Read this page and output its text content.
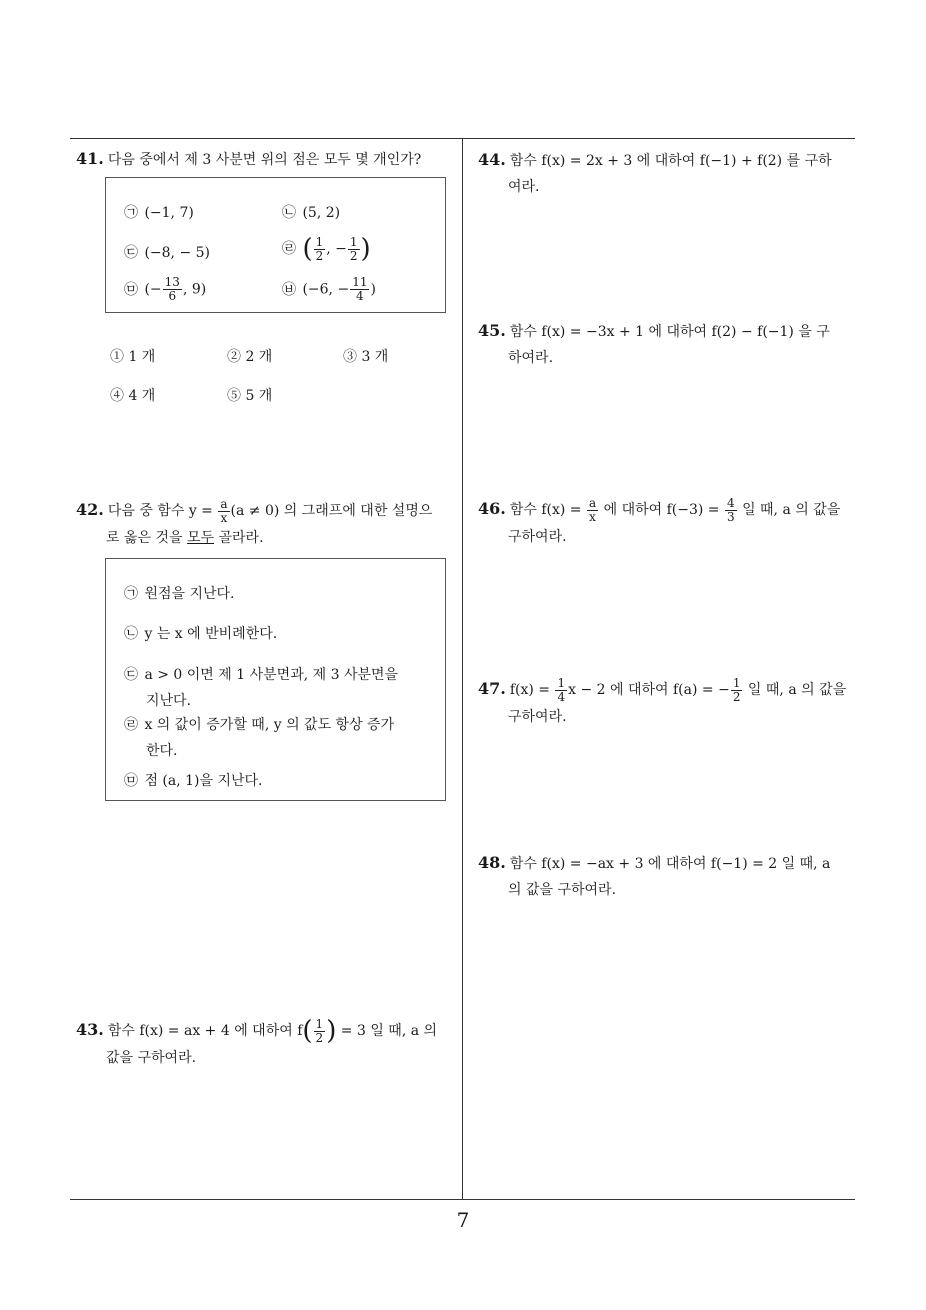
41. 다음 중에서 제 3 사분면 위의 점은 모두 몇 개인가?
㉠ (−1, 7)	㉡ (5, 2)
㉢ (−8, − 5)	㉣ ( $\frac{1}{2}$ , − $\frac{1}{2}$ )
㉤ (− $\frac{13}{6}$ , 9)	㉥ (−6, − $\frac{11}{4}$ )
① 1 개	② 2 개	③ 3 개
④ 4 개	⑤ 5 개
42. 다음 중 함수 $y = \frac{a}{x} (a \ne 0)$ 의 그래프에 대한 설명으
로 옳은 것을 모두 골라라.
㉠ 원점을 지난다.
㉡ y 는 x 에 반비례한다.
㉢ a > 0 이면 제 1 사분면과, 제 3 사분면을
지난다.
㉣ x 의 값이 증가할 때, y 의 값도 항상 증가
한다.
㉤ 점 (a, 1)을 지난다.
43. 함수 f(x) = ax + 4 에 대하여 $f( \frac{1}{2}$ ) = 3 일 때, a 의
값을 구하여라.
44. 함수 f(x) = 2x + 3 에 대하여 f(−1) + f(2) 를 구하
여라.
45. 함수 f(x) = −3x + 1 에 대하여 f(2) − f(−1) 을 구
하여라.
46. 함수 $f(x) = \frac{a}{x}$ 에 대하여 $f(-3) = \frac{4}{3}$ 일 때, a 의 값을
구하여라.
47. $f(x) = \frac{1}{4}$ x − 2 에 대하여 f(a) = − $\frac{1}{2}$ 일 때, a 의 값을
구하여라.
48. 함수 f(x) = −ax + 3 에 대하여 f(−1) = 2 일 때, a
의 값을 구하여라.
7
